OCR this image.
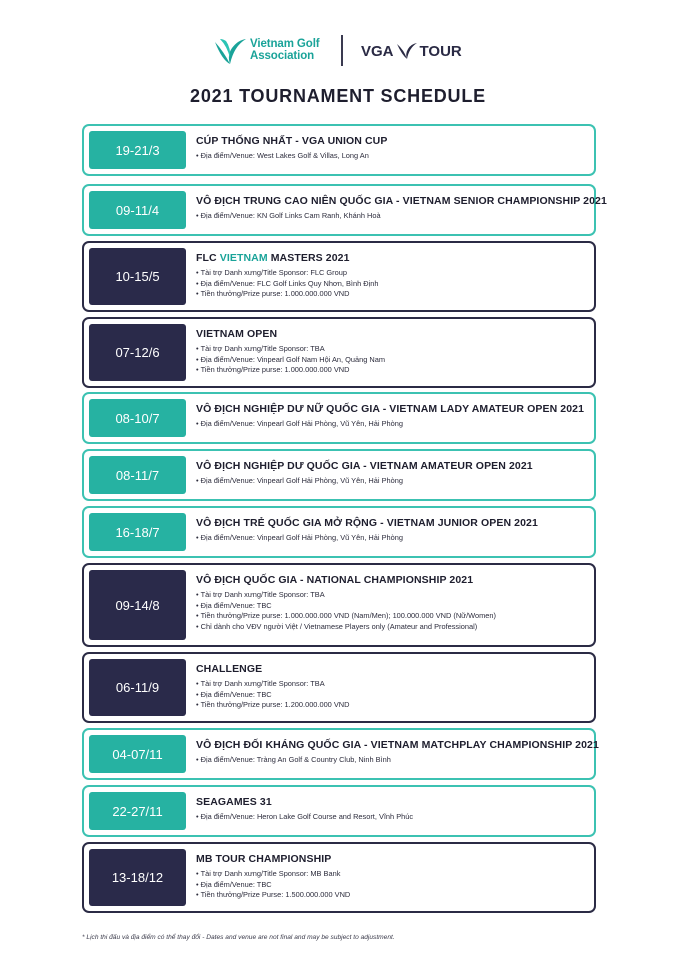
Vietnam Golf
Association	VGA TOUR
2021 TOURNAMENT SCHEDULE
19-21/3
CÚP THỐNG NHẤT - VGA UNION CUP
• Địa điểm/Venue: West Lakes Golf & Villas, Long An
09-11/4
VÔ ĐỊCH TRUNG CAO NIÊN QUỐC GIA - VIETNAM SENIOR CHAMPIONSHIP 2021
• Địa điểm/Venue: KN Golf Links Cam Ranh, Khánh Hoà
10-15/5
FLC VIETNAM MASTERS 2021
• Tài trợ Danh xưng/Title Sponsor: FLC Group
• Địa điểm/Venue: FLC Golf Links Quy Nhơn, Bình Định
• Tiền thưởng/Prize purse: 1.000.000.000 VND
07-12/6
VIETNAM OPEN
• Tài trợ Danh xưng/Title Sponsor: TBA
• Địa điểm/Venue: Vinpearl Golf Nam Hội An, Quảng Nam
• Tiền thưởng/Prize purse: 1.000.000.000 VND
08-10/7
VÔ ĐỊCH NGHIỆP DƯ NỮ QUỐC GIA - VIETNAM LADY AMATEUR OPEN 2021
• Địa điểm/Venue: Vinpearl Golf Hải Phòng, Vũ Yên, Hải Phòng
08-11/7
VÔ ĐỊCH NGHIỆP DƯ QUỐC GIA - VIETNAM AMATEUR OPEN 2021
• Địa điểm/Venue: Vinpearl Golf Hải Phòng, Vũ Yên, Hải Phòng
16-18/7
VÔ ĐỊCH TRẺ QUỐC GIA MỞ RỘNG - VIETNAM JUNIOR OPEN 2021
• Địa điểm/Venue: Vinpearl Golf Hải Phòng, Vũ Yên, Hải Phòng
09-14/8
VÔ ĐỊCH QUỐC GIA - NATIONAL CHAMPIONSHIP 2021
• Tài trợ Danh xưng/Title Sponsor: TBA
• Địa điểm/Venue: TBC
• Tiền thưởng/Prize purse: 1.000.000.000 VND (Nam/Men); 100.000.000 VND (Nữ/Women)
• Chỉ dành cho VĐV người Việt / Vietnamese Players only (Amateur and Professional)
06-11/9
CHALLENGE
• Tài trợ Danh xưng/Title Sponsor: TBA
• Địa điểm/Venue: TBC
• Tiền thưởng/Prize purse: 1.200.000.000 VND
04-07/11
VÔ ĐỊCH ĐỐI KHÁNG QUỐC GIA - VIETNAM MATCHPLAY CHAMPIONSHIP 2021
• Địa điểm/Venue: Tràng An Golf & Country Club, Ninh Bình
22-27/11
SEAGAMES 31
• Địa điểm/Venue: Heron Lake Golf Course and Resort, Vĩnh Phúc
13-18/12
MB TOUR CHAMPIONSHIP
• Tài trợ Danh xưng/Title Sponsor: MB Bank
• Địa điểm/Venue: TBC
• Tiền thưởng/Prize Purse: 1.500.000.000 VND
* Lịch thi đấu và địa điểm có thể thay đổi - Dates and venue are not final and may be subject to adjustment.
